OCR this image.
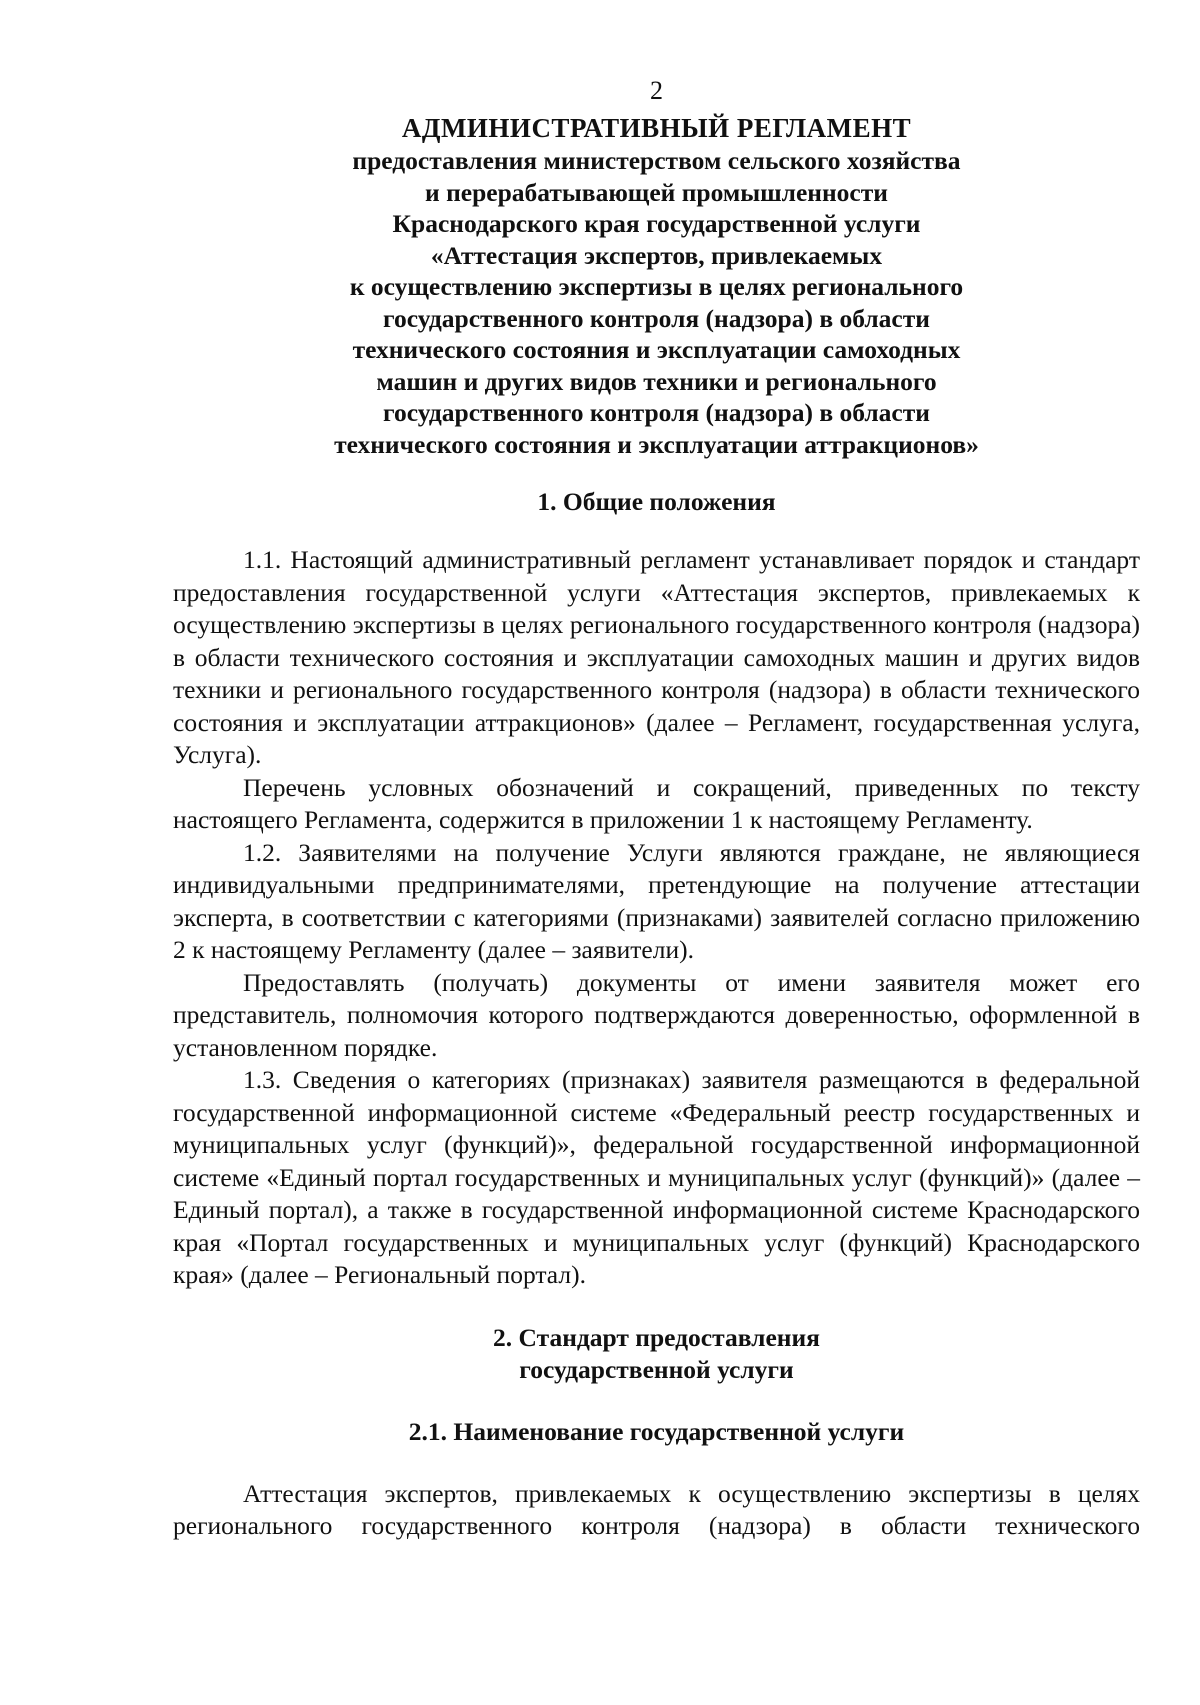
2
АДМИНИСТРАТИВНЫЙ РЕГЛАМЕНТ
предоставления министерством сельского хозяйства
и перерабатывающей промышленности
Краснодарского края государственной услуги
«Аттестация экспертов, привлекаемых
к осуществлению экспертизы в целях регионального
государственного контроля (надзора) в области
технического состояния и эксплуатации самоходных
машин и других видов техники и регионального
государственного контроля (надзора) в области
технического состояния и эксплуатации аттракционов»
1. Общие положения

1.1. Настоящий административный регламент устанавливает порядок и стандарт предоставления государственной услуги «Аттестация экспертов, привлекаемых к осуществлению экспертизы в целях регионального государственного контроля (надзора) в области технического состояния и эксплуатации самоходных машин и других видов техники и регионального государственного контроля (надзора) в области технического состояния и эксплуатации аттракционов» (далее – Регламент, государственная услуга, Услуга).

Перечень условных обозначений и сокращений, приведенных по тексту настоящего Регламента, содержится в приложении 1 к настоящему Регламенту.

1.2. Заявителями на получение Услуги являются граждане, не являющиеся индивидуальными предпринимателями, претендующие на получение аттестации эксперта, в соответствии с категориями (признаками) заявителей согласно приложению 2 к настоящему Регламенту (далее – заявители).

Предоставлять (получать) документы от имени заявителя может его представитель, полномочия которого подтверждаются доверенностью, оформленной в установленном порядке.

1.3. Сведения о категориях (признаках) заявителя размещаются в федеральной государственной информационной системе «Федеральный реестр государственных и муниципальных услуг (функций)», федеральной государственной информационной системе «Единый портал государственных и муниципальных услуг (функций)» (далее – Единый портал), а также в государственной информационной системе Краснодарского края «Портал государственных и муниципальных услуг (функций) Краснодарского края» (далее – Региональный портал).

2. Стандарт предоставления
государственной услуги
2.1. Наименование государственной услуги

Аттестация экспертов, привлекаемых к осуществлению экспертизы в целях регионального государственного контроля (надзора) в области технического
